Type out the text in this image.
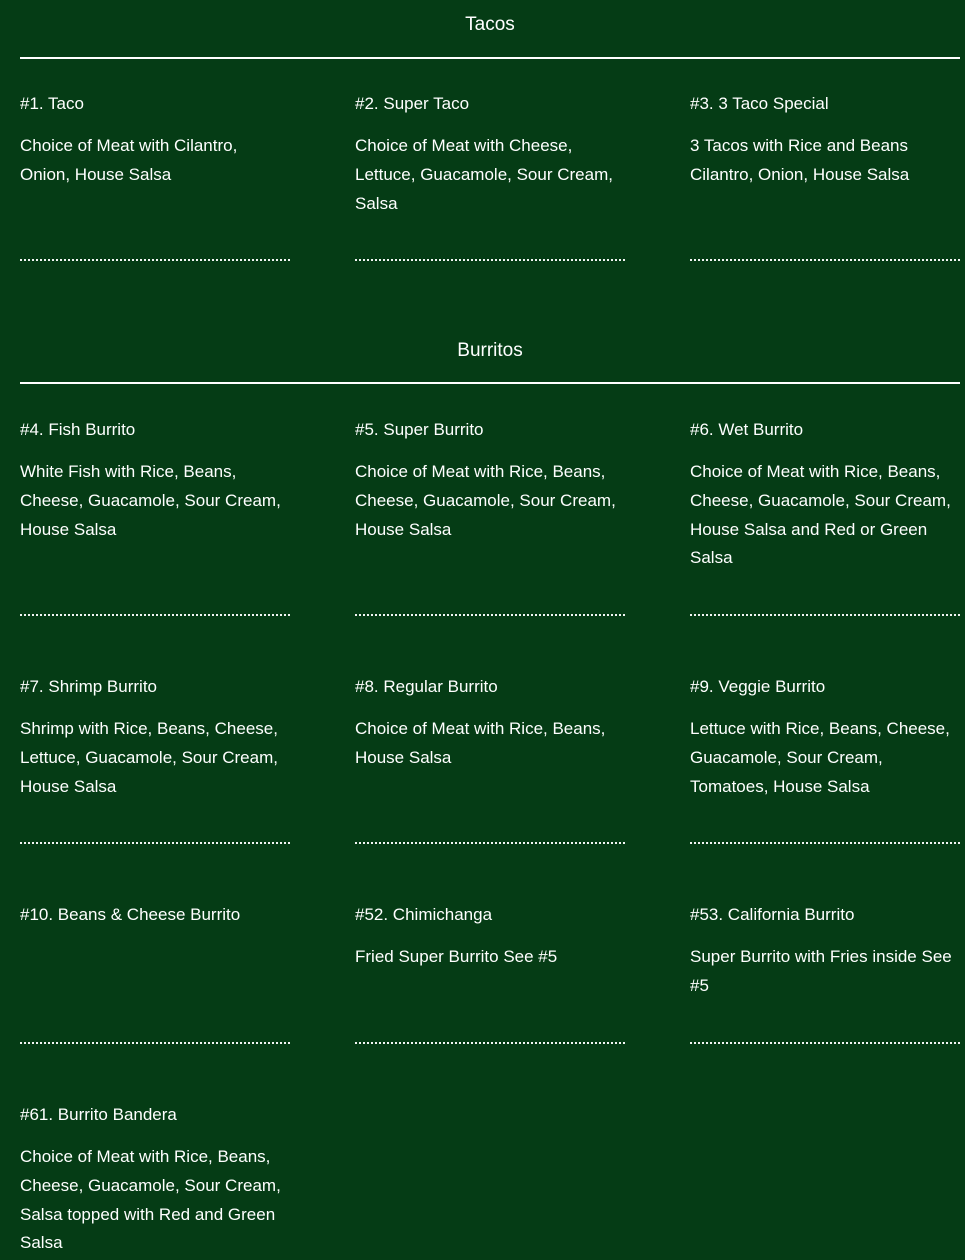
Tacos
#1. Taco
Choice of Meat with Cilantro, Onion, House Salsa
#2. Super Taco
Choice of Meat with Cheese, Lettuce, Guacamole, Sour Cream, Salsa
#3. 3 Taco Special
3 Tacos with Rice and Beans Cilantro, Onion, House Salsa
Burritos
#4. Fish Burrito
White Fish with Rice, Beans, Cheese, Guacamole, Sour Cream, House Salsa
#5. Super Burrito
Choice of Meat with Rice, Beans, Cheese, Guacamole, Sour Cream, House Salsa
#6. Wet Burrito
Choice of Meat with Rice, Beans, Cheese, Guacamole, Sour Cream, House Salsa and Red or Green Salsa
#7. Shrimp Burrito
Shrimp with Rice, Beans, Cheese, Lettuce, Guacamole, Sour Cream, House Salsa
#8. Regular Burrito
Choice of Meat with Rice, Beans, House Salsa
#9. Veggie Burrito
Lettuce with Rice, Beans, Cheese, Guacamole, Sour Cream, Tomatoes, House Salsa
#10. Beans & Cheese Burrito	#52. Chimichanga
Fried Super Burrito See #5
#53. California Burrito
Super Burrito with Fries inside See #5
#61. Burrito Bandera
Choice of Meat with Rice, Beans, Cheese, Guacamole, Sour Cream, Salsa topped with Red and Green Salsa
